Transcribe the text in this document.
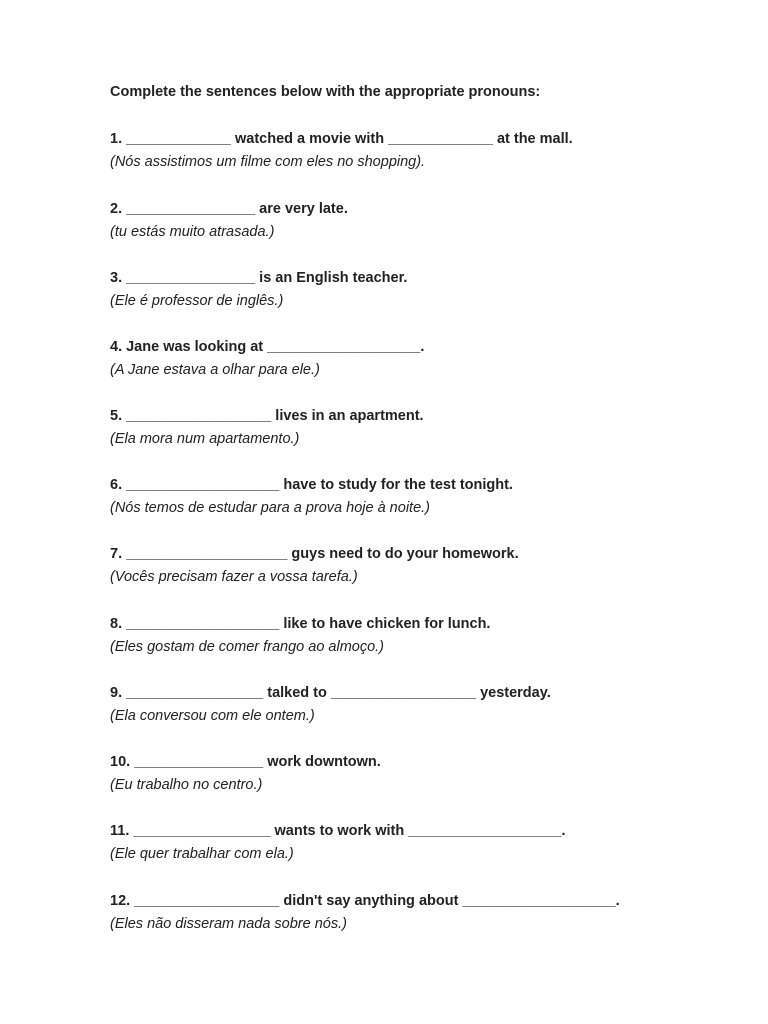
Complete the sentences below with the appropriate pronouns:
1. _____________ watched a movie with _____________ at the mall.
(Nós assistimos um filme com eles no shopping).
2. ________________ are very late.
(tu estás muito atrasada.)
3. ________________ is an English teacher.
(Ele é professor de inglês.)
4. Jane was looking at ___________________.
(A Jane estava a olhar para ele.)
5. __________________ lives in an apartment.
(Ela mora num apartamento.)
6. ___________________ have to study for the test tonight.
(Nós temos de estudar para a prova hoje à noite.)
7. ____________________ guys need to do your homework.
(Vocês precisam fazer a vossa tarefa.)
8. ___________________ like to have chicken for lunch.
(Eles gostam de comer frango ao almoço.)
9. _________________ talked to __________________ yesterday.
(Ela conversou com ele ontem.)
10. ________________ work downtown.
(Eu trabalho no centro.)
11. _________________ wants to work with ___________________.
(Ele quer trabalhar com ela.)
12. __________________ didn't say anything about ___________________.
(Eles não disseram nada sobre nós.)
